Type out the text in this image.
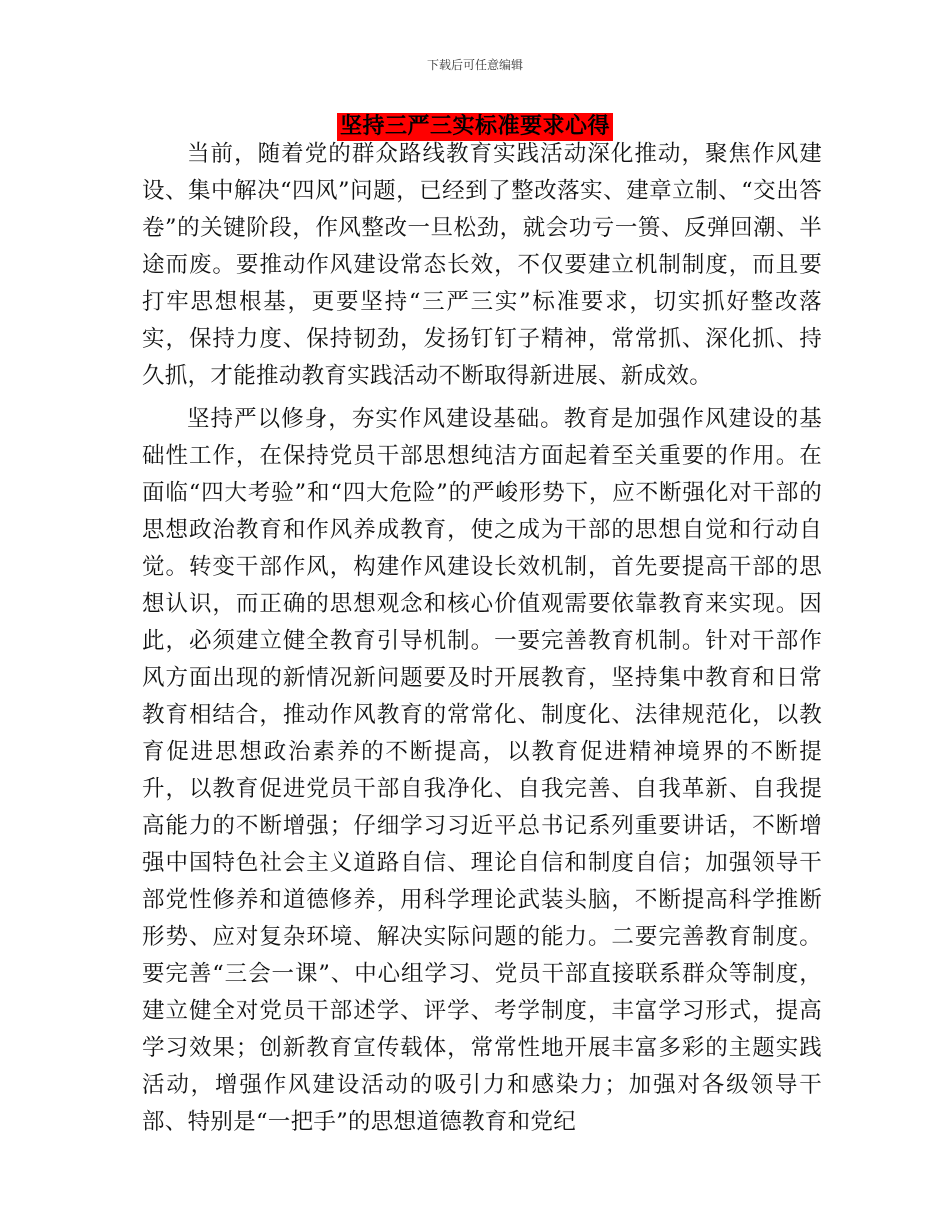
下载后可任意编辑
坚持三严三实标准要求心得

当前，随着党的群众路线教育实践活动深化推动，聚焦作风建设、集中解决“四风”问题，已经到了整改落实、建章立制、“交出答卷”的关键阶段，作风整改一旦松劲，就会功亏一篑、反弹回潮、半途而废。要推动作风建设常态长效，不仅要建立机制制度，而且要打牢思想根基，更要坚持“三严三实”标准要求，切实抓好整改落实，保持力度、保持韧劲，发扬钉钉子精神，常常抓、深化抓、持久抓，才能推动教育实践活动不断取得新进展、新成效。

坚持严以修身，夯实作风建设基础。教育是加强作风建设的基础性工作，在保持党员干部思想纯洁方面起着至关重要的作用。在面临“四大考验”和“四大危险”的严峻形势下，应不断强化对干部的思想政治教育和作风养成教育，使之成为干部的思想自觉和行动自觉。转变干部作风，构建作风建设长效机制，首先要提高干部的思想认识，而正确的思想观念和核心价值观需要依靠教育来实现。因此，必须建立健全教育引导机制。一要完善教育机制。针对干部作风方面出现的新情况新问题要及时开展教育，坚持集中教育和日常教育相结合，推动作风教育的常常化、制度化、法律规范化，以教育促进思想政治素养的不断提高，以教育促进精神境界的不断提升，以教育促进党员干部自我净化、自我完善、自我革新、自我提高能力的不断增强；仔细学习习近平总书记系列重要讲话，不断增强中国特色社会主义道路自信、理论自信和制度自信；加强领导干部党性修养和道德修养，用科学理论武装头脑，不断提高科学推断形势、应对复杂环境、解决实际问题的能力。二要完善教育制度。要完善“三会一课”、中心组学习、党员干部直接联系群众等制度，建立健全对党员干部述学、评学、考学制度，丰富学习形式，提高学习效果；创新教育宣传载体，常常性地开展丰富多彩的主题实践活动，增强作风建设活动的吸引力和感染力；加强对各级领导干部、特别是“一把手”的思想道德教育和党纪
